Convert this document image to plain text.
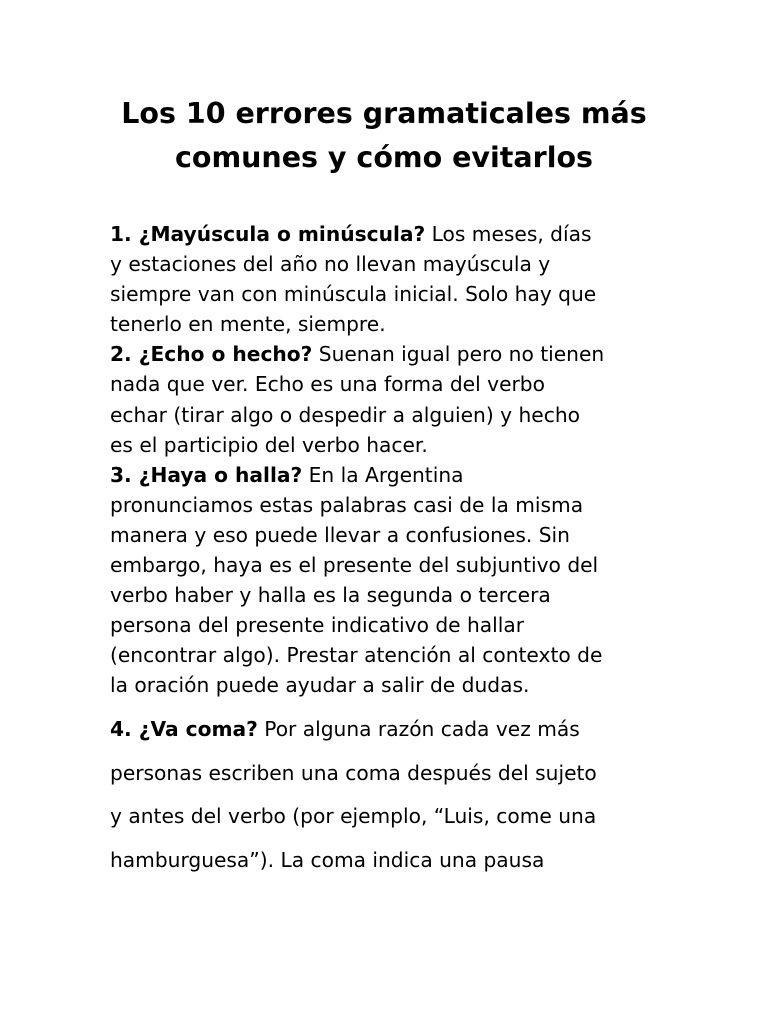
Los 10 errores gramaticales más
comunes y cómo evitarlos

1. ¿Mayúscula o minúscula? Los meses, días
y estaciones del año no llevan mayúscula y
siempre van con minúscula inicial. Solo hay que
tenerlo en mente, siempre.

2. ¿Echo o hecho? Suenan igual pero no tienen
nada que ver. Echo es una forma del verbo
echar (tirar algo o despedir a alguien) y hecho
es el participio del verbo hacer.

3. ¿Haya o halla? En la Argentina
pronunciamos estas palabras casi de la misma
manera y eso puede llevar a confusiones. Sin
embargo, haya es el presente del subjuntivo del
verbo haber y halla es la segunda o tercera
persona del presente indicativo de hallar
(encontrar algo). Prestar atención al contexto de
la oración puede ayudar a salir de dudas.

4. ¿Va coma? Por alguna razón cada vez más
personas escriben una coma después del sujeto
y antes del verbo (por ejemplo, “Luis, come una
hamburguesa”). La coma indica una pausa
